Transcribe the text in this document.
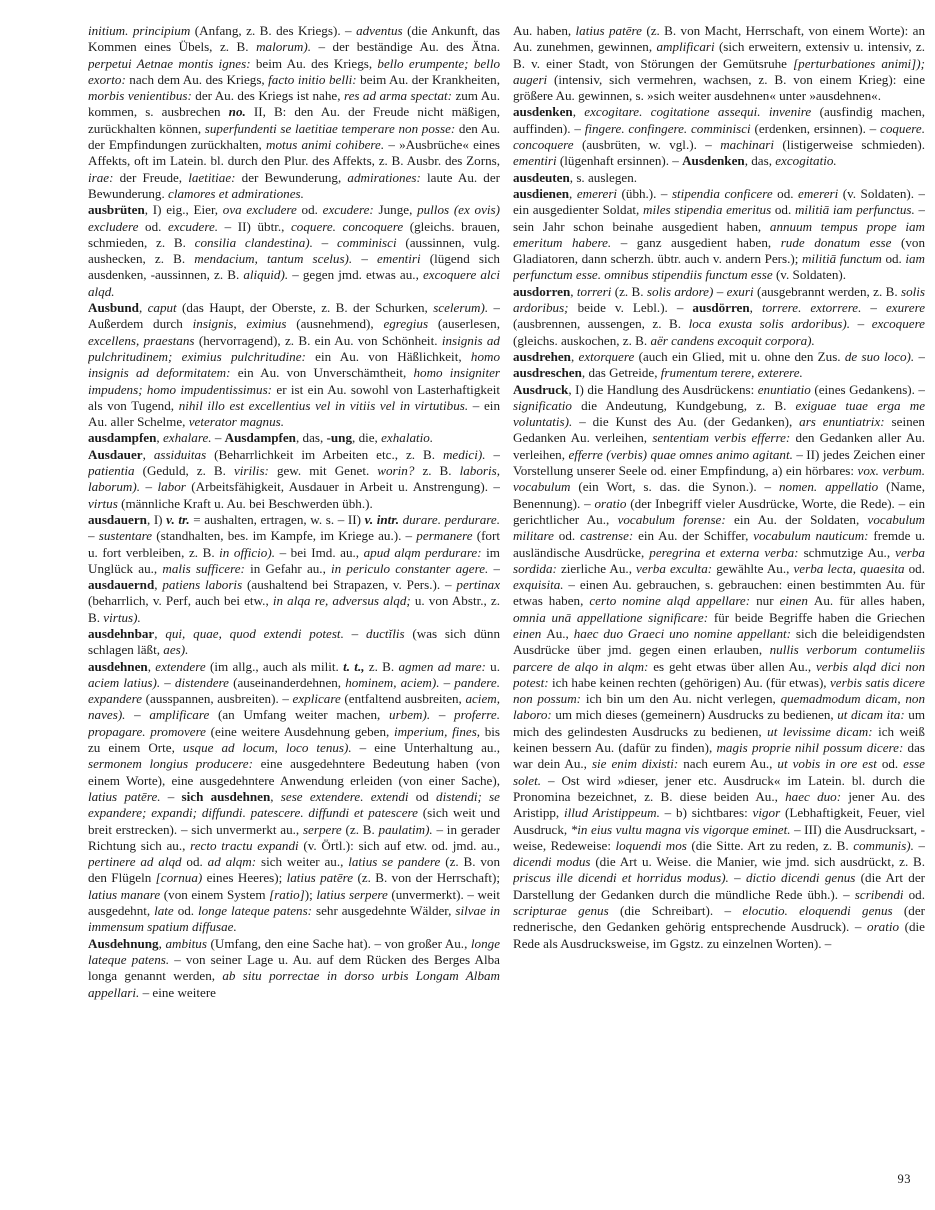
initium. principium (Anfang, z. B. des Kriegs). – adventus (die Ankunft, das Kommen eines Übels, z. B. malorum). – der beständige Au. des Ätna. perpetui Aetnae montis ignes: beim Au. des Kriegs, bello erumpente; bello exorto: nach dem Au. des Kriegs, facto initio belli: beim Au. der Krankheiten, morbis venientibus: der Au. des Kriegs ist nahe, res ad arma spectat: zum Au. kommen, s. ausbrechen no. II, B: den Au. der Freude nicht mäßigen, zurückhalten können, superfundenti se laetitiae temperare non posse: den Au. der Empfindungen zurückhalten, motus animi cohibere. – »Ausbrüche« eines Affekts, oft im Latein. bl. durch den Plur. des Affekts, z. B. Ausbr. des Zorns, irae: der Freude, laetitiae: der Bewunderung, admirationes: laute Au. der Bewunderung. clamores et admirationes.

ausbrüten, I) eig., Eier, ova excludere od. excudere: Junge, pullos (ex ovis) excludere od. excudere. – II) übtr., coquere. concoquere (gleichs. brauen, schmieden, z. B. consilia clandestina). – comminisci (aussinnen, vulg. aushecken, z. B. mendacium, tantum scelus). – ementiri (lügend sich ausdenken, -aussinnen, z. B. aliquid). – gegen jmd. etwas au., excoquere alci alqd.

Ausbund, caput (das Haupt, der Oberste, z. B. der Schurken, scelerum). – Außerdem durch insignis, eximius (ausnehmend), egregius (auserlesen, excellens, praestans (hervorragend), z. B. ein Au. von Schönheit. insignis ad pulchritudinem; eximius pulchritudine: ein Au. von Häßlichkeit, homo insignis ad deformitatem: ein Au. von Unverschämtheit, homo insigniter impudens; homo impudentissimus: er ist ein Au. sowohl von Lasterhaftigkeit als von Tugend, nihil illo est excellentius vel in vitiis vel in virtutibus. – ein Au. aller Schelme, veterator magnus.

ausdampfen, exhalare. – Ausdampfen, das, -ung, die, exhalatio.

Ausdauer, assiduitas (Beharrlichkeit im Arbeiten etc., z. B. medici). – patientia (Geduld, z. B. virilis: gew. mit Genet. worin? z. B. laboris, laborum). – labor (Arbeitsfähigkeit, Ausdauer in Arbeit u. Anstrengung). – virtus (männliche Kraft u. Au. bei Beschwerden übh.).

ausdauern, I) v. tr. = aushalten, ertragen, w. s. – II) v. intr. durare. perdurare. – sustentare (standhalten, bes. im Kampfe, im Kriege au.). – permanere (fort u. fort verbleiben, z. B. in officio). – bei Imd. au., apud alqm perdurare: im Unglück au., malis sufficere: in Gefahr au., in periculo constanter agere. – ausdauernd, patiens laboris (aushaltend bei Strapazen, v. Pers.). – pertinax (beharrlich, v. Perf, auch bei etw., in alqa re, adversus alqd; u. von Abstr., z. B. virtus).

ausdehnbar, qui, quae, quod extendi potest. – ductĭlis (was sich dünn schlagen läßt, aes).

ausdehnen, extendere (im allg., auch als milit. t. t., z. B. agmen ad mare: u. aciem latius). – distendere (auseinanderdehnen, hominem, aciem). – pandere. expandere (ausspannen, ausbreiten). – explicare (entfaltend ausbreiten, aciem, naves). – amplificare (an Umfang weiter machen, urbem). – proferre. propagare. promovere (eine weitere Ausdehnung geben, imperium, fines, bis zu einem Orte, usque ad locum, loco tenus). – eine Unterhaltung au., sermonem longius producere: eine ausgedehntere Bedeutung haben (von einem Worte), eine ausgedehntere Anwendung erleiden (von einer Sache), latius patēre. – sich ausdehnen, sese extendere. extendi od distendi; se expandere; expandi; diffundi. patescere. diffundi et patescere (sich weit und breit erstrecken). – sich unvermerkt au., serpere (z. B. paulatim). – in gerader Richtung sich au., recto tractu expandi (v. Örtl.): sich auf etw. od. jmd. au., pertinere ad alqd od. ad alqm: sich weiter au., latius se pandere (z. B. von den Flügeln [cornua) eines Heeres); latius patēre (z. B. von der Herrschaft); latius manare (von einem System [ratio]); latius serpere (unvermerkt). – weit ausgedehnt, late od. longe lateque patens: sehr ausgedehnte Wälder, silvae in immensum spatium diffusae.

Ausdehnung, ambitus (Umfang, den eine Sache hat). – von großer Au., longe lateque patens. – von seiner Lage u. Au. auf dem Rücken des Berges Alba longa genannt werden, ab situ porrectae in dorso urbis Longam Albam appellari. – eine weitere

Au. haben, latius patēre (z. B. von Macht, Herrschaft, von einem Worte): an Au. zunehmen, gewinnen, amplificari (sich erweitern, extensiv u. intensiv, z. B. v. einer Stadt, von Störungen der Gemütsruhe [perturbationes animi]); augeri (intensiv, sich vermehren, wachsen, z. B. von einem Krieg): eine größere Au. gewinnen, s. »sich weiter ausdehnen« unter »ausdehnen«.

ausdenken, excogitare. cogitatione assequi. invenire (ausfindig machen, auffinden). – fingere. confingere. comminisci (erdenken, ersinnen). – coquere. concoquere (ausbrüten, w. vgl.). – machinari (listigerweise schmieden). ementiri (lügenhaft ersinnen). – Ausdenken, das, excogitatio.

ausdeuten, s. auslegen.

ausdienen, emereri (übh.). – stipendia conficere od. emereri (v. Soldaten). – ein ausgedienter Soldat, miles stipendia emeritus od. militiā iam perfunctus. – sein Jahr schon beinahe ausgedient haben, annuum tempus prope iam emeritum habere. – ganz ausgedient haben, rude donatum esse (von Gladiatoren, dann scherzh. übtr. auch v. andern Pers.); militiā functum od. iam perfunctum esse. omnibus stipendiis functum esse (v. Soldaten).

ausdorren, torreri (z. B. solis ardore) – exuri (ausgebrannt werden, z. B. solis ardoribus; beide v. Lebl.). – ausdörren, torrere. extorrere. – exurere (ausbrennen, aussengen, z. B. loca exusta solis ardoribus). – excoquere (gleichs. auskochen, z. B. aër candens excoquit corpora).

ausdrehen, extorquere (auch ein Glied, mit u. ohne den Zus. de suo loco). – ausdreschen, das Getreide, frumentum terere, exterere.

Ausdruck, I) die Handlung des Ausdrückens: enuntiatio (eines Gedankens). – significatio die Andeutung, Kundgebung, z. B. exiguae tuae erga me voluntatis). – die Kunst des Au. (der Gedanken), ars enuntiatrix: seinen Gedanken Au. verleihen, sententiam verbis efferre: den Gedanken aller Au. verleihen, efferre (verbis) quae omnes animo agitant. – II) jedes Zeichen einer Vorstellung unserer Seele od. einer Empfindung, a) ein hörbares: vox. verbum. vocabulum (ein Wort, s. das. die Synon.). – nomen. appellatio (Name, Benennung). – oratio (der Inbegriff vieler Ausdrücke, Worte, die Rede). – ein gerichtlicher Au., vocabulum forense: ein Au. der Soldaten, vocabulum militare od. castrense: ein Au. der Schiffer, vocabulum nauticum: fremde u. ausländische Ausdrücke, peregrina et externa verba: schmutzige Au., verba sordida: zierliche Au., verba exculta: gewählte Au., verba lecta, quaesita od. exquisita. – einen Au. gebrauchen, s. gebrauchen: einen bestimmten Au. für etwas haben, certo nomine alqd appellare: nur einen Au. für alles haben, omnia unā appellatione significare: für beide Begriffe haben die Griechen einen Au., haec duo Graeci uno nomine appellant: sich die beleidigendsten Ausdrücke über jmd. gegen einen erlauben, nullis verborum contumeliis parcere de alqo in alqm: es geht etwas über allen Au., verbis alqd dici non potest: ich habe keinen rechten (gehörigen) Au. (für etwas), verbis satis dicere non possum: ich bin um den Au. nicht verlegen, quemadmodum dicam, non laboro: um mich dieses (gemeinern) Ausdrucks zu bedienen, ut dicam ita: um mich des gelindesten Ausdrucks zu bedienen, ut levissime dicam: ich weiß keinen bessern Au. (dafür zu finden), magis proprie nihil possum dicere: das war dein Au., sie enim dixisti: nach eurem Au., ut vobis in ore est od. esse solet. – Ost wird »dieser, jener etc. Ausdruck« im Latein. bl. durch die Pronomina bezeichnet, z. B. diese beiden Au., haec duo: jener Au. des Aristipp, illud Aristippeum. – b) sichtbares: vigor (Lebhaftigkeit, Feuer, viel Ausdruck, *in eius vultu magna vis vigorque eminet. – III) die Ausdrucksart, -weise, Redeweise: loquendi mos (die Sitte. Art zu reden, z. B. communis). – dicendi modus (die Art u. Weise. die Manier, wie jmd. sich ausdrückt, z. B. priscus ille dicendi et horridus modus). – dictio dicendi genus (die Art der Darstellung der Gedanken durch die mündliche Rede übh.). – scribendi od. scripturae genus (die Schreibart). – elocutio. eloquendi genus (der rednerische, den Gedanken gehörig entsprechende Ausdruck). – oratio (die Rede als Ausdrucksweise, im Ggstz. zu einzelnen Worten). –

93
